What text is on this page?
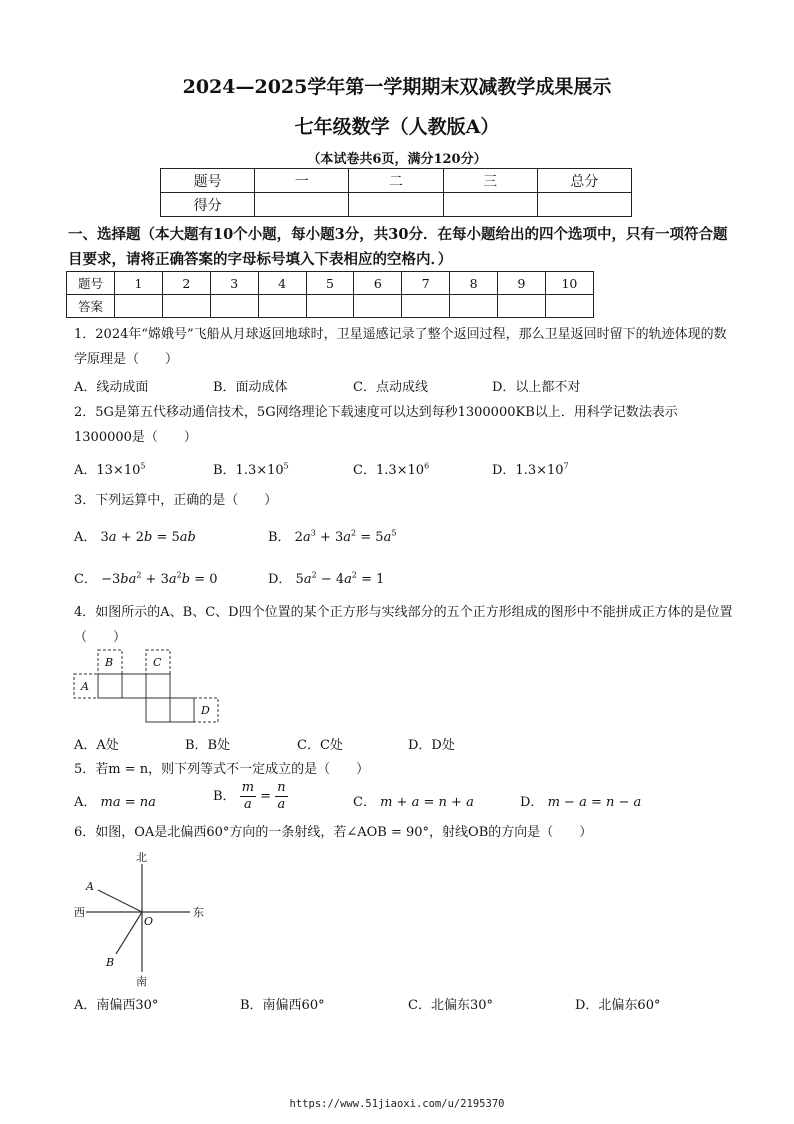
2024—2025学年第一学期期末双减教学成果展示
七年级数学（人教版A）
（本试卷共6页，满分120分）
题号	一	二	三	总分
得分				
一、选择题（本大题有10个小题，每小题3分，共30分．在每小题给出的四个选项中，只有一项符合题目要求，请将正确答案的字母标号填入下表相应的空格内．）
题号	1	2	3	4	5	6	7	8	9	10
答案										
1．2024年“嫦娥号”飞船从月球返回地球时，卫星遥感记录了整个返回过程，那么卫星返回时留下的轨迹体现的数学原理是（　　）
A．线动成面	B．面动成体	C．点动成线	D．以上都不对
2．5G是第五代移动通信技术，5G网络理论下载速度可以达到每秒1300000KB以上．用科学记数法表示1300000是（　　）
A．$13\times 10^5$	B．$1.3\times 10^5$	C．$1.3\times 10^6$	D．$1.3\times 10^7$
3．下列运算中，正确的是（　　）
A． 3a + 2b = 5ab	B． $2a^3 + 3a^2 = 5a^5$
C． $-3ba^2 + 3a^2b = 0$	D． $5a^2 - 4a^2 = 1$
4．如图所示的A、B、C、D四个位置的某个正方形与实线部分的五个正方形组成的图形中不能拼成正方体的是位置（　　）
A
B	C
D
A．A处	B．B处	C．C处	D．D处
5．若m = n，则下列等式不一定成立的是（　　）
A． ma = na	B． $\frac{m}{a} = \frac{n}{a}$	C． m + a = n + a	D． m − a = n − a
6．如图，OA是北偏西60°方向的一条射线，若∠AOB = 90°，射线OB的方向是（　　）
北
南
东
西
A
B
O
A．南偏西30°	B．南偏西60°	C．北偏东30°	D．北偏东60°
https://www.51jiaoxi.com/u/2195370
